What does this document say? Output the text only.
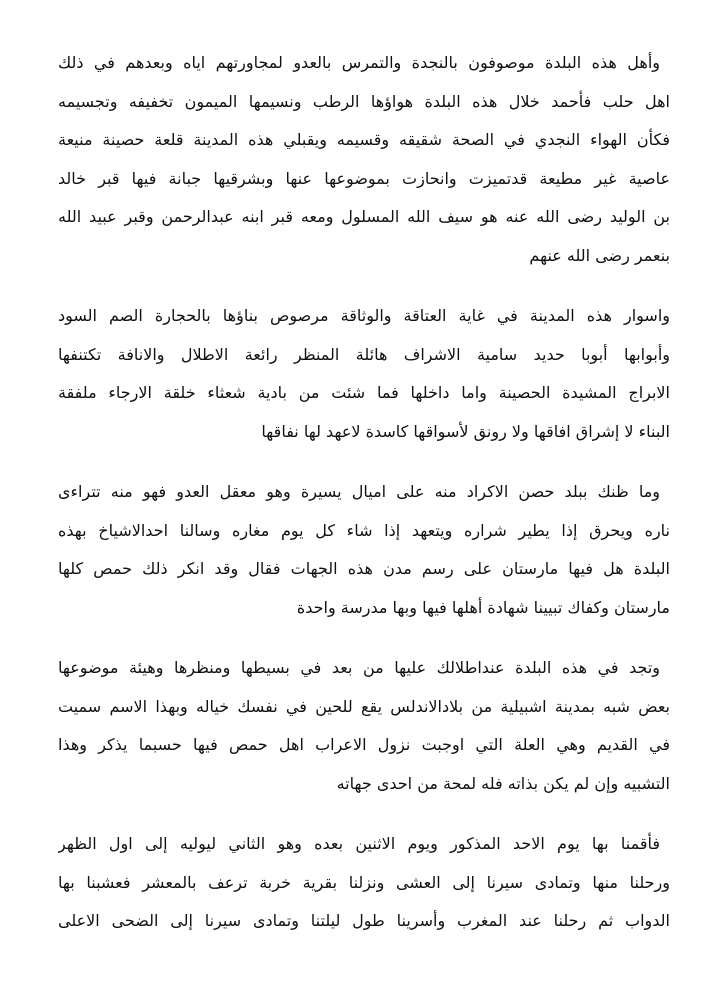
وأهل هذه البلدة موصوفون بالنجدة والتمرس بالعدو لمجاورتهم اياه وبعدهم في ذلك
اهل حلب فأحمد خلال هذه البلدة هواؤها الرطب ونسيمها الميمون تخفيفه وتجسيمه
فكأن الهواء النجدي في الصحة شقيقه وقسيمه ويقبلي هذه المدينة قلعة حصينة منيعة
عاصية غير مطيعة قدتميزت وانحازت بموضوعها عنها وبشرقيها جبانة فيها قبر خالد
بن الوليد رضى الله عنه هو سيف الله المسلول ومعه قبر ابنه عبدالرحمن وقبر عبيد الله
بنعمر رضى الله عنهم
واسوار هذه المدينة في غاية العتاقة والوثاقة مرصوص بناؤها بالحجارة الصم السود
وأبوابها أبوبا حديد سامية الاشراف هائلة المنظر رائعة الاطلال والانافة تكتنفها
الابراج المشيدة الحصينة واما داخلها فما شئت من بادية شعثاء خلقة الارجاء ملفقة
البناء لا إشراق افاقها ولا رونق لأسواقها كاسدة لاعهد لها نفاقها
وما ظنك ببلد حصن الاكراد منه على اميال يسيرة وهو معقل العدو فهو منه تتراءى
ناره ويحرق إذا يطير شراره ويتعهد إذا شاء كل يوم مغاره وسالنا احدالاشياخ بهذه
البلدة هل فيها مارستان على رسم مدن هذه الجهات فقال وقد انكر ذلك حمص كلها
مارستان وكفاك تبيينا شهادة أهلها فيها وبها مدرسة واحدة
وتجد في هذه البلدة عنداطلالك عليها من بعد في بسيطها ومنظرها وهيئة موضوعها
بعض شبه بمدينة اشبيلية من بلادالاندلس يقع للحين في نفسك خياله وبهذا الاسم سميت
في القديم وهي العلة التي اوجبت نزول الاعراب اهل حمص فيها حسبما يذكر وهذا
التشبيه وإن لم يكن بذاته فله لمحة من احدى جهاته
فأقمنا بها يوم الاحد المذكور ويوم الاثنين بعده وهو الثاني ليوليه إلى اول الظهر
ورحلنا منها وتمادى سيرنا إلى العشى ونزلنا بقرية خربة ترعف بالمعشر فعشبنا بها
الدواب ثم رحلنا عند المغرب وأسرينا طول ليلتنا وتمادى سيرنا إلى الضحى الاعلى
